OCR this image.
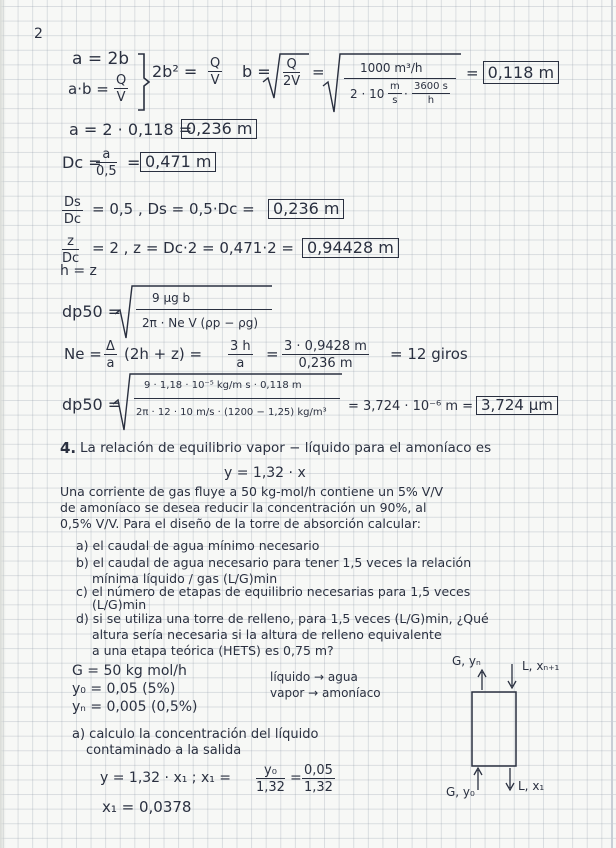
2
a = 2b
$a\cdot b = \frac{Q}{V}$
$2b^2 = \frac{Q}{V}$ $b = \frac{Q}{2V}$ =	1000 m³/h
$2 \cdot 10 \frac{m}{s} \cdot \frac{3600 s}{h}$
= 0,118 m
a = 2 · 0,118 =
0,236 m
Dc =
$\frac{a}{0,5} = 0,471$ m
$\frac{Ds}{Dc} = 0,5$ , Ds = 0,5·Dc =	0,236 m
$\frac{z}{Dc} = 2$ , z = Dc·2 = 0,471·2 = 0,94428 m
h = z
dp50 =
9 μg b
2π · Ne V (ρp − ρg)
$Ne = \frac{\Delta}{a} (2h + z) = \frac{3 h}{a} = \frac{3 \cdot 0,9428 m}{0,236 m} = 12$ giros
dp50 =
9 · 1,18 · 10⁻⁵ kg/m s · 0,118 m
2π · 12 · 10 m/s · (1200 − 1,25) kg/m³ = 3,724 · 10⁻⁶ m = 3,724 μm
4. La relación de equilibrio vapor − líquido para el amoníaco es
y = 1,32 · x
Una corriente de gas fluye a 50 kg-mol/h contiene un 5% V/V
de amoníaco se desea reducir la concentración un 90%, al
0,5% V/V. Para el diseño de la torre de absorción calcular:
a) el caudal de agua mínimo necesario
b) el caudal de agua necesario para tener 1,5 veces la relación
mínima líquido / gas (L/G)min
c) el número de etapas de equilibrio necesarias para 1,5 veces
(L/G)min
d) si se utiliza una torre de relleno, para 1,5 veces (L/G)min, ¿Qué
altura sería necesaria si la altura de relleno equivalente
a una etapa teórica (HETS) es 0,75 m?
G = 50 kg mol/h
y₀ = 0,05 (5%)
yₙ = 0,005 (0,5%)
líquido → agua
vapor → amoníaco
G, yₙ	L, xₙ₊₁
G, y₀	L, x₁
a) calculo la concentración del líquido
contaminado a la salida
y = 1,32 · x₁ ; $x_1 = \frac{\text{y₀}}{1,32} = \frac{0,05}{1,32}$
x₁ = 0,0378
